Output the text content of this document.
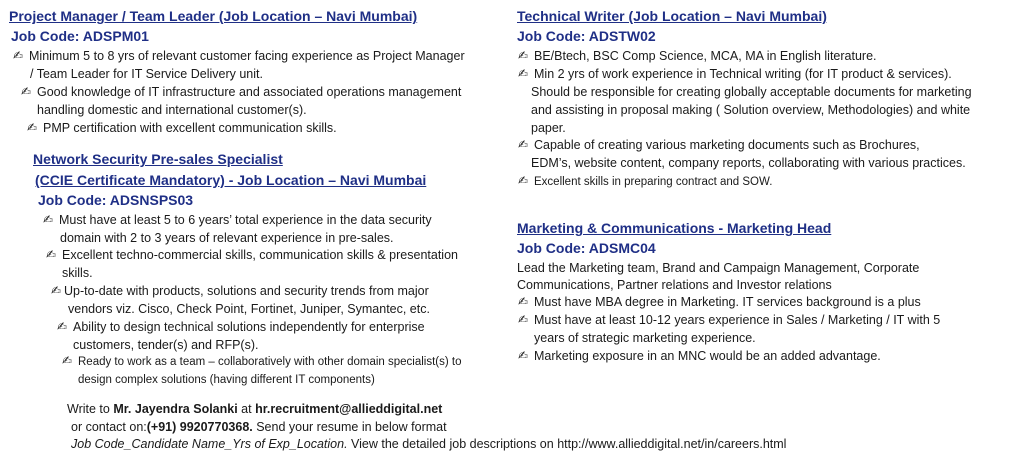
Project Manager / Team Leader (Job Location – Navi Mumbai)
Job Code: ADSPM01
✍ Minimum 5 to 8 yrs of relevant customer facing experience as Project Manager
/ Team Leader for IT Service Delivery unit.
✍ Good knowledge of IT infrastructure and associated operations management
handling domestic and international customer(s).
✍ PMP certification with excellent communication skills.
Network Security Pre-sales Specialist
(CCIE Certificate Mandatory) - Job Location – Navi Mumbai
Job Code: ADSNSPS03
✍ Must have at least 5 to 6 years’ total experience in the data security
domain with 2 to 3 years of relevant experience in pre-sales.
✍ Excellent techno-commercial skills, communication skills & presentation
skills.
✍ Up-to-date with products, solutions and security trends from major
vendors viz. Cisco, Check Point, Fortinet, Juniper, Symantec, etc.
✍ Ability to design technical solutions independently for enterprise
customers, tender(s) and RFP(s).
✍ Ready to work as a team – collaboratively with other domain specialist(s) to
design complex solutions (having different IT components)
Technical Writer (Job Location – Navi Mumbai)
Job Code: ADSTW02
✍ BE/Btech, BSC Comp Science, MCA, MA in English literature.
✍ Min 2 yrs of work experience in Technical writing (for IT product & services).
Should be responsible for creating globally acceptable documents for marketing
and assisting in proposal making ( Solution overview, Methodologies) and white
paper.
✍ Capable of creating various marketing documents such as Brochures,
EDM’s, website content, company reports, collaborating with various practices.
✍ Excellent skills in preparing contract and SOW.
Marketing & Communications - Marketing Head
Job Code: ADSMC04
Lead the Marketing team, Brand and Campaign Management, Corporate
Communications, Partner relations and Investor relations
✍ Must have MBA degree in Marketing. IT services background is a plus
✍ Must have at least 10-12 years experience in Sales / Marketing / IT with 5
years of strategic marketing experience.
✍ Marketing exposure in an MNC would be an added advantage.
Write to Mr. Jayendra Solanki at hr.recruitment@allieddigital.net
or contact on:(+91) 9920770368. Send your resume in below format
Job Code_Candidate Name_Yrs of Exp_Location. View the detailed job descriptions on http://www.allieddigital.net/in/careers.html
